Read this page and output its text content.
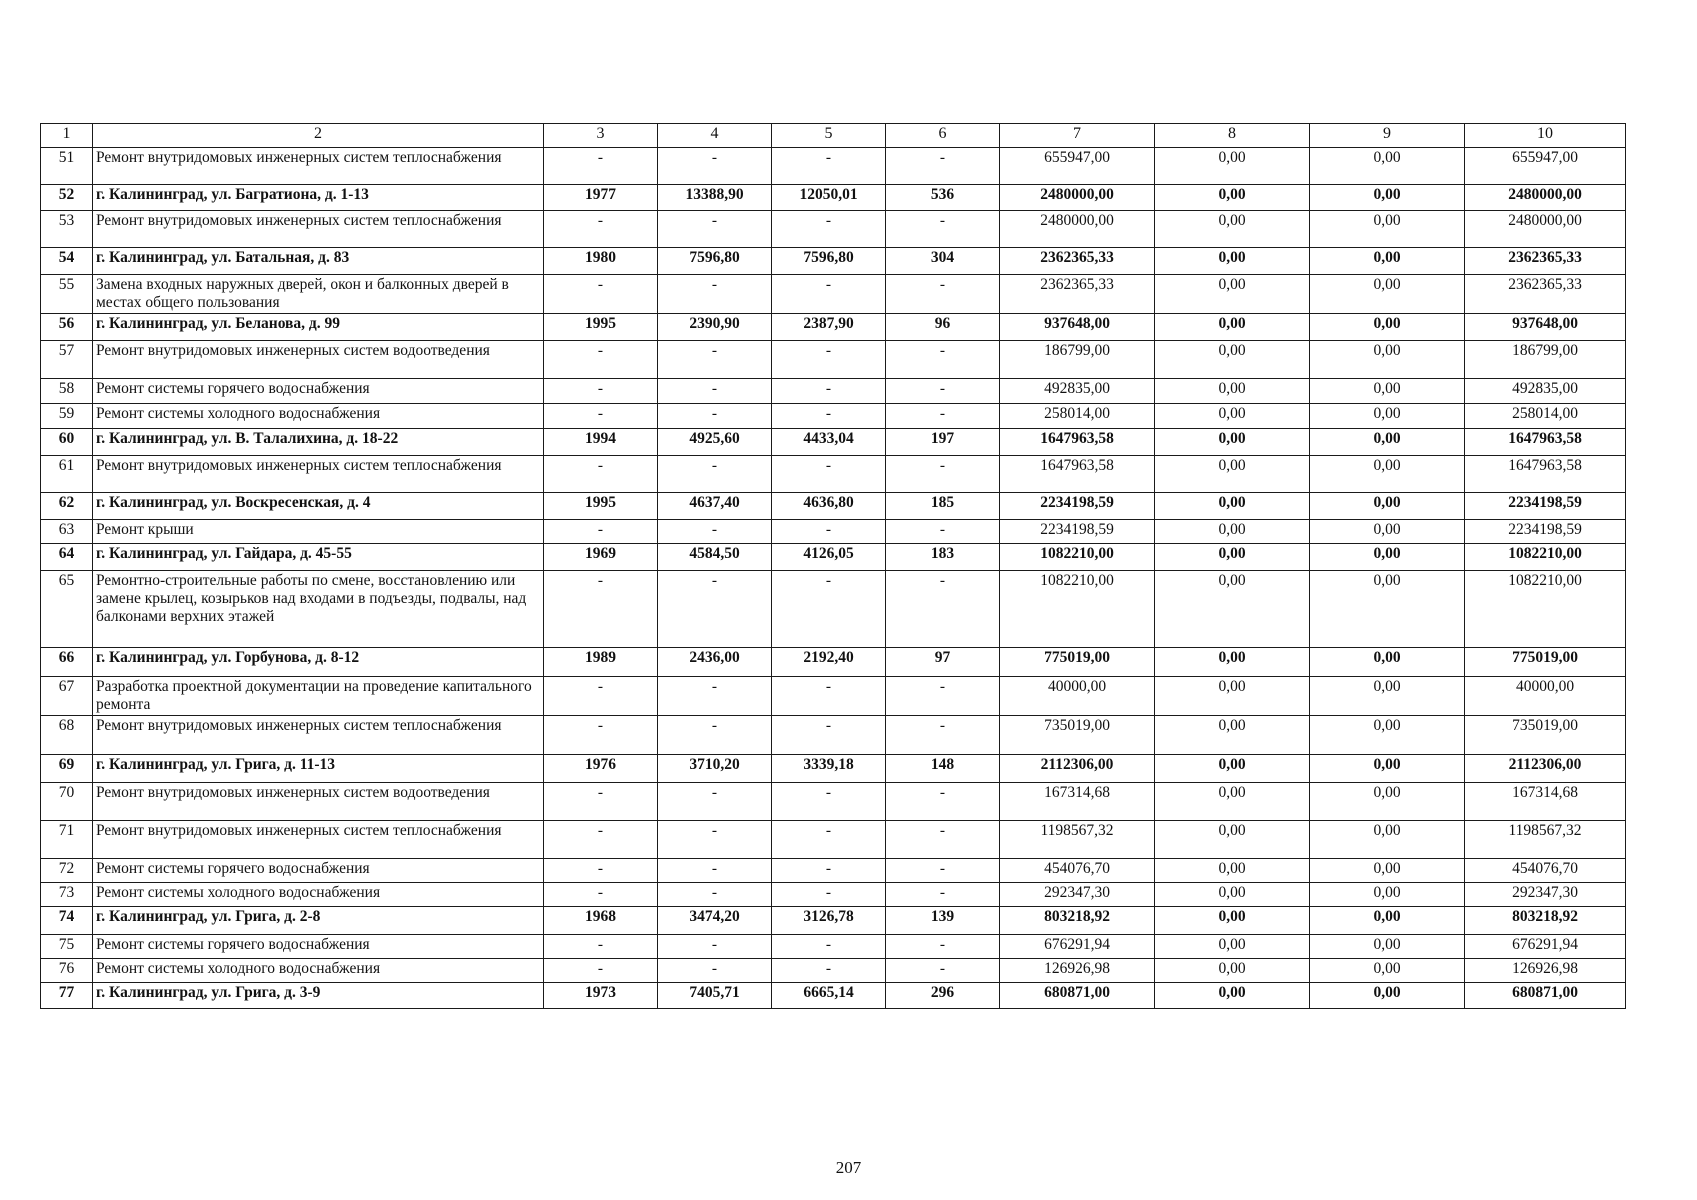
1	2	3	4	5	6	7	8	9	10
51	Ремонт внутридомовых инженерных систем теплоснабжения	-	-	-	-	655947,00	0,00	0,00	655947,00
52	г. Калининград, ул. Багратиона, д. 1-13	1977	13388,90	12050,01	536	2480000,00	0,00	0,00	2480000,00
53	Ремонт внутридомовых инженерных систем теплоснабжения	-	-	-	-	2480000,00	0,00	0,00	2480000,00
54	г. Калининград, ул. Батальная, д. 83	1980	7596,80	7596,80	304	2362365,33	0,00	0,00	2362365,33
55	Замена входных наружных дверей, окон и балконных дверей в местах общего пользования	-	-	-	-	2362365,33	0,00	0,00	2362365,33
56	г. Калининград, ул. Беланова, д. 99	1995	2390,90	2387,90	96	937648,00	0,00	0,00	937648,00
57	Ремонт внутридомовых инженерных систем водоотведения	-	-	-	-	186799,00	0,00	0,00	186799,00
58	Ремонт системы горячего водоснабжения	-	-	-	-	492835,00	0,00	0,00	492835,00
59	Ремонт системы холодного водоснабжения	-	-	-	-	258014,00	0,00	0,00	258014,00
60	г. Калининград, ул. В. Талалихина, д. 18-22	1994	4925,60	4433,04	197	1647963,58	0,00	0,00	1647963,58
61	Ремонт внутридомовых инженерных систем теплоснабжения	-	-	-	-	1647963,58	0,00	0,00	1647963,58
62	г. Калининград, ул. Воскресенская, д. 4	1995	4637,40	4636,80	185	2234198,59	0,00	0,00	2234198,59
63	Ремонт крыши	-	-	-	-	2234198,59	0,00	0,00	2234198,59
64	г. Калининград, ул. Гайдара, д. 45-55	1969	4584,50	4126,05	183	1082210,00	0,00	0,00	1082210,00
65	Ремонтно-строительные работы по смене, восстановлению или замене крылец, козырьков над входами в подъезды, подвалы, над балконами верхних этажей	-	-	-	-	1082210,00	0,00	0,00	1082210,00
66	г. Калининград, ул. Горбунова, д. 8-12	1989	2436,00	2192,40	97	775019,00	0,00	0,00	775019,00
67	Разработка проектной документации на проведение капитального ремонта	-	-	-	-	40000,00	0,00	0,00	40000,00
68	Ремонт внутридомовых инженерных систем теплоснабжения	-	-	-	-	735019,00	0,00	0,00	735019,00
69	г. Калининград, ул. Грига, д. 11-13	1976	3710,20	3339,18	148	2112306,00	0,00	0,00	2112306,00
70	Ремонт внутридомовых инженерных систем водоотведения	-	-	-	-	167314,68	0,00	0,00	167314,68
71	Ремонт внутридомовых инженерных систем теплоснабжения	-	-	-	-	1198567,32	0,00	0,00	1198567,32
72	Ремонт системы горячего водоснабжения	-	-	-	-	454076,70	0,00	0,00	454076,70
73	Ремонт системы холодного водоснабжения	-	-	-	-	292347,30	0,00	0,00	292347,30
74	г. Калининград, ул. Грига, д. 2-8	1968	3474,20	3126,78	139	803218,92	0,00	0,00	803218,92
75	Ремонт системы горячего водоснабжения	-	-	-	-	676291,94	0,00	0,00	676291,94
76	Ремонт системы холодного водоснабжения	-	-	-	-	126926,98	0,00	0,00	126926,98
77	г. Калининград, ул. Грига, д. 3-9	1973	7405,71	6665,14	296	680871,00	0,00	0,00	680871,00
207
